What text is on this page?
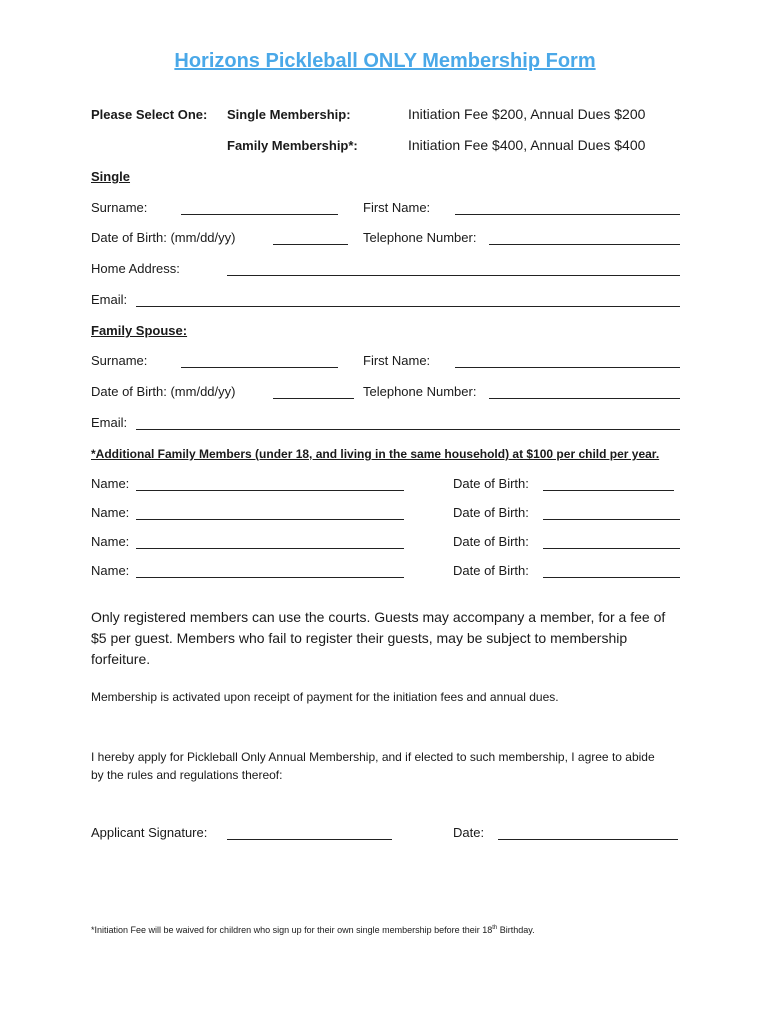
Horizons Pickleball ONLY Membership Form
Please Select One: Single Membership:	Initiation Fee $200, Annual Dues $200
Family Membership*:	Initiation Fee $400, Annual Dues $400
Single
Surname:	First Name:
Date of Birth: (mm/dd/yy)	Telephone Number:
Home Address:
Email:
Family Spouse:
Surname:	First Name:
Date of Birth: (mm/dd/yy)	Telephone Number:
Email:
*Additional Family Members (under 18, and living in the same household) at $100 per child per year.
Name:	Date of Birth:
Name:	Date of Birth:
Name:	Date of Birth:
Name:	Date of Birth:
Only registered members can use the courts. Guests may accompany a member, for a fee of $5 per guest. Members who fail to register their guests, may be subject to membership forfeiture.
Membership is activated upon receipt of payment for the initiation fees and annual dues.
I hereby apply for Pickleball Only Annual Membership, and if elected to such membership, I agree to abide by the rules and regulations thereof:
Applicant Signature:	Date:
*Initiation Fee will be waived for children who sign up for their own single membership before their 18th Birthday.
